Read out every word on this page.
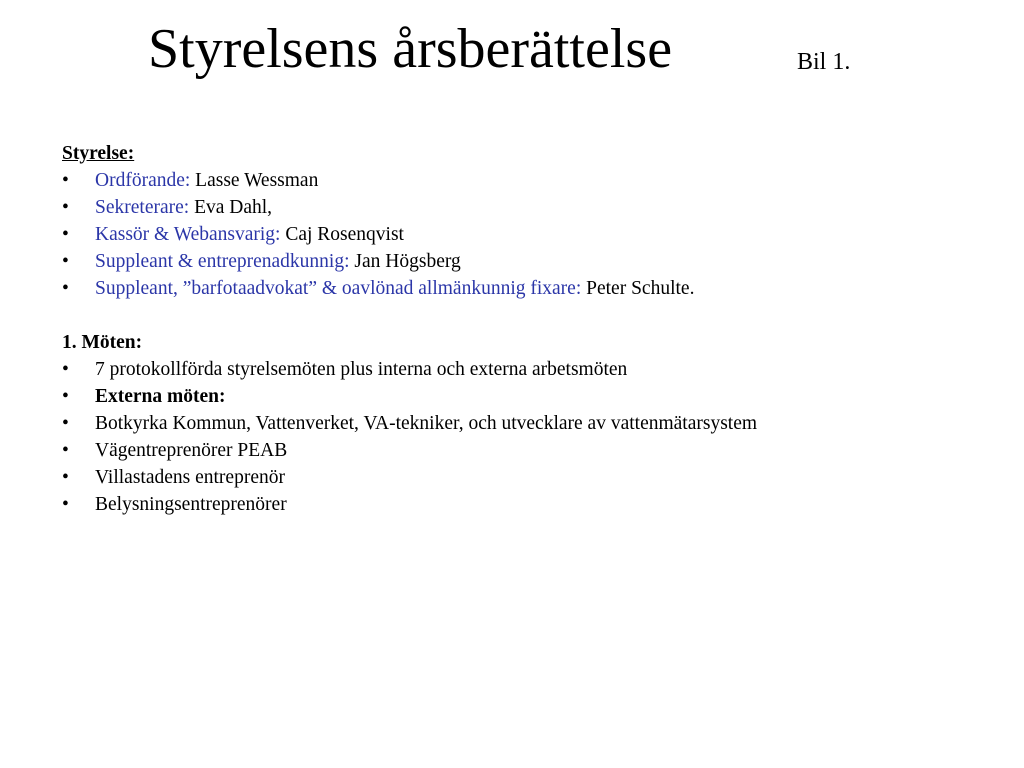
Styrelsens årsberättelse	Bil 1.
Styrelse:
• Ordförande: Lasse Wessman
• Sekreterare: Eva Dahl,
• Kassör & Webansvarig: Caj Rosenqvist
• Suppleant & entreprenadkunnig: Jan Högsberg
• Suppleant, ”barfotaadvokat” & oavlönad allmänkunnig fixare: Peter Schulte.
1. Möten:
• 7 protokollförda styrelsemöten plus interna och externa arbetsmöten
• Externa möten:
• Botkyrka Kommun, Vattenverket, VA-tekniker, och utvecklare av vattenmätarsystem
• Vägentreprenörer PEAB
• Villastadens entreprenör
• Belysningsentreprenörer
